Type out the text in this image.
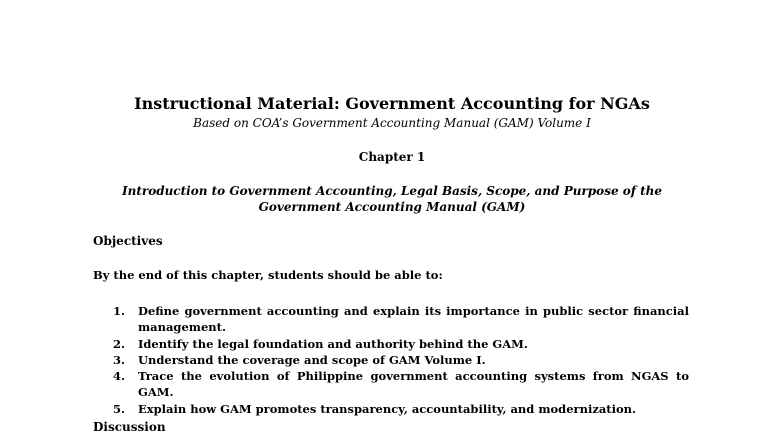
Instructional Material: Government Accounting for NGAs
Based on COA’s Government Accounting Manual (GAM) Volume I
Chapter 1
Introduction to Government Accounting, Legal Basis, Scope, and Purpose of the Government Accounting Manual (GAM)
Objectives
By the end of this chapter, students should be able to:
1. Define government accounting and explain its importance in public sector financial management.
2. Identify the legal foundation and authority behind the GAM.
3. Understand the coverage and scope of GAM Volume I.
4. Trace the evolution of Philippine government accounting systems from NGAS to GAM.
5. Explain how GAM promotes transparency, accountability, and modernization.
Discussion
